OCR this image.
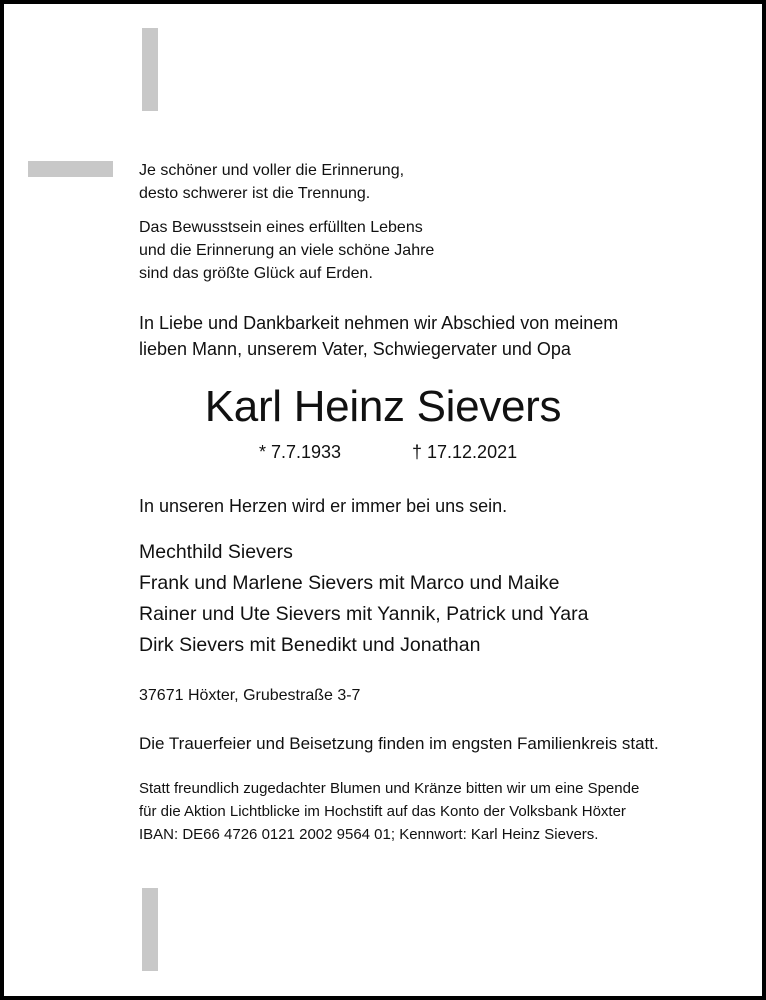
Je schöner und voller die Erinnerung,
desto schwerer ist die Trennung.
Das Bewusstsein eines erfüllten Lebens
und die Erinnerung an viele schöne Jahre
sind das größte Glück auf Erden.
In Liebe und Dankbarkeit nehmen wir Abschied von meinem
lieben Mann, unserem Vater, Schwiegervater und Opa
Karl Heinz Sievers
* 7.7.1933	† 17.12.2021
In unseren Herzen wird er immer bei uns sein.
Mechthild Sievers
Frank und Marlene Sievers mit Marco und Maike
Rainer und Ute Sievers mit Yannik, Patrick und Yara
Dirk Sievers mit Benedikt und Jonathan
37671 Höxter, Grubestraße 3-7
Die Trauerfeier und Beisetzung finden im engsten Familienkreis statt.
Statt freundlich zugedachter Blumen und Kränze bitten wir um eine Spende
für die Aktion Lichtblicke im Hochstift auf das Konto der Volksbank Höxter
IBAN: DE66 4726 0121 2002 9564 01; Kennwort: Karl Heinz Sievers.
